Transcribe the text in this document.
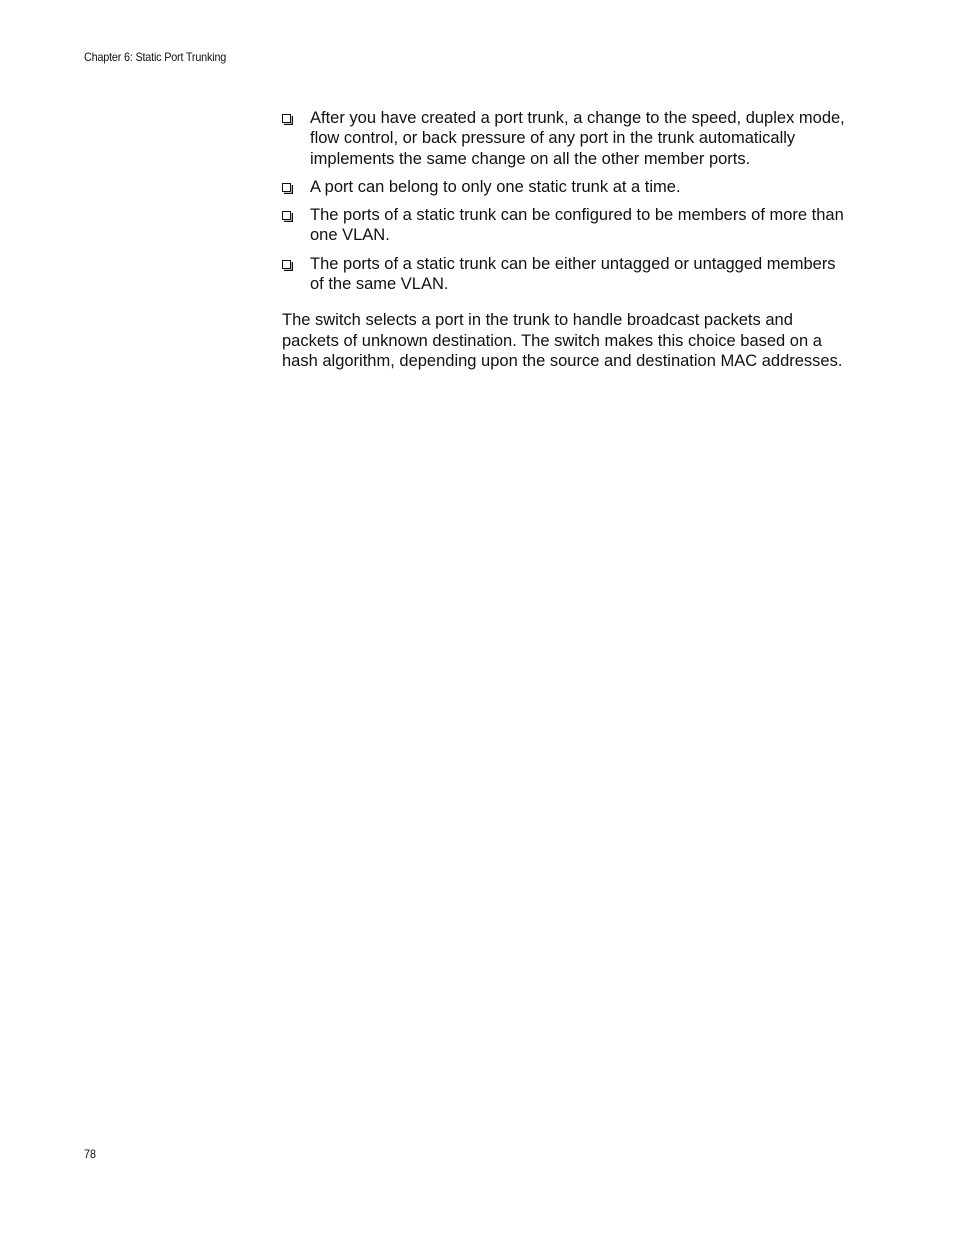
Chapter 6: Static Port Trunking
After you have created a port trunk, a change to the speed, duplex mode, flow control, or back pressure of any port in the trunk automatically implements the same change on all the other member ports.
A port can belong to only one static trunk at a time.
The ports of a static trunk can be configured to be members of more than one VLAN.
The ports of a static trunk can be either untagged or untagged members of the same VLAN.

The switch selects a port in the trunk to handle broadcast packets and packets of unknown destination. The switch makes this choice based on a hash algorithm, depending upon the source and destination MAC addresses.

78
